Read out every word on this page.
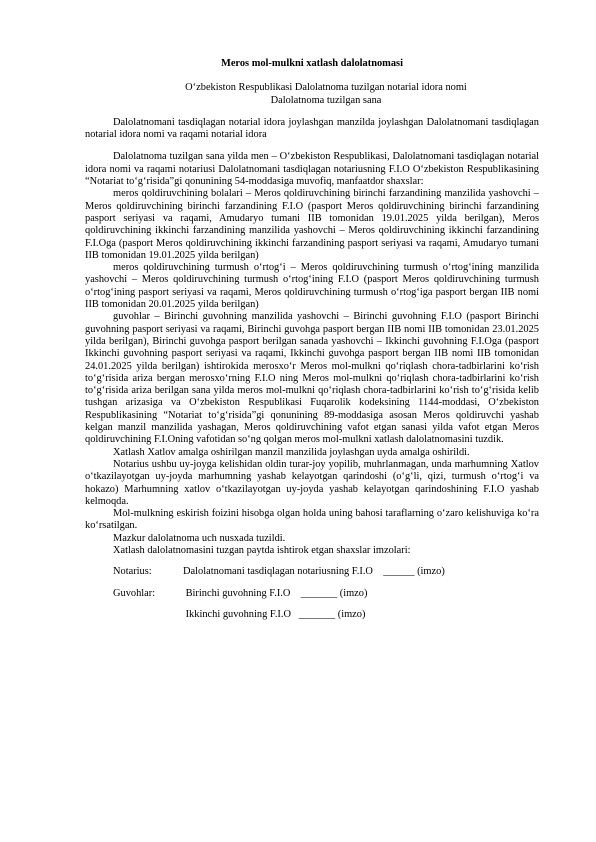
Meros mol-mulkni xatlash dalolatnomasi
O‘zbekiston Respublikasi Dalolatnoma tuzilgan notarial idora nomi
Dalolatnoma tuzilgan sana

Dalolatnomani tasdiqlagan notarial idora joylashgan manzilda joylashgan Dalolatnomani tasdiqlagan notarial idora nomi va raqami notarial idora

Dalolatnoma tuzilgan sana yilda men – O‘zbekiston Respublikasi, Dalolatnomani tasdiqlagan notarial idora nomi va raqami notariusi Dalolatnomani tasdiqlagan notariusning F.I.O O‘zbekiston Respublikasining “Notariat to‘g‘risida”gi qonunining 54-moddasiga muvofiq, manfaatdor shaxslar:

meros qoldiruvchining bolalari – Meros qoldiruvchining birinchi farzandining manzilida yashovchi – Meros qoldiruvchining birinchi farzandining F.I.O (pasport Meros qoldiruvchining birinchi farzandining pasport seriyasi va raqami, Amudaryo tumani IIB tomonidan 19.01.2025 yilda berilgan), Meros qoldiruvchining ikkinchi farzandining manzilida yashovchi – Meros qoldiruvchining ikkinchi farzandining F.I.Oga (pasport Meros qoldiruvchining ikkinchi farzandining pasport seriyasi va raqami, Amudaryo tumani IIB tomonidan 19.01.2025 yilda berilgan)

meros qoldiruvchining turmush o‘rtog‘i – Meros qoldiruvchining turmush o‘rtog‘ining manzilida yashovchi – Meros qoldiruvchining turmush o‘rtog‘ining F.I.O (pasport Meros qoldiruvchining turmush o‘rtog‘ining pasport seriyasi va raqami, Meros qoldiruvchining turmush o‘rtog‘iga pasport bergan IIB nomi IIB tomonidan 20.01.2025 yilda berilgan)

guvohlar – Birinchi guvohning manzilida yashovchi – Birinchi guvohning F.I.O (pasport Birinchi guvohning pasport seriyasi va raqami, Birinchi guvohga pasport bergan IIB nomi IIB tomonidan 23.01.2025 yilda berilgan), Birinchi guvohga pasport berilgan sanada yashovchi – Ikkinchi guvohning F.I.Oga (pasport Ikkinchi guvohning pasport seriyasi va raqami, Ikkinchi guvohga pasport bergan IIB nomi IIB tomonidan 24.01.2025 yilda berilgan) ishtirokida merosxo‘r Meros mol-mulkni qo‘riqlash chora-tadbirlarini ko‘rish to‘g‘risida ariza bergan merosxo‘rning F.I.O ning Meros mol-mulkni qo‘riqlash chora-tadbirlarini ko‘rish to‘g‘risida ariza berilgan sana yilda meros mol-mulkni qo‘riqlash chora-tadbirlarini ko‘rish to‘g‘risida kelib tushgan arizasiga va O‘zbekiston Respublikasi Fuqarolik kodeksining 1144-moddasi, O‘zbekiston Respublikasining “Notariat to‘g‘risida”gi qonunining 89-moddasiga asosan Meros qoldiruvchi yashab kelgan manzil manzilida yashagan, Meros qoldiruvchining vafot etgan sanasi yilda vafot etgan Meros qoldiruvchining F.I.Oning vafotidan so‘ng qolgan meros mol-mulkni xatlash dalolatnomasini tuzdik.

Xatlash Xatlov amalga oshirilgan manzil manzilida joylashgan uyda amalga oshirildi.

Notarius ushbu uy-joyga kelishidan oldin turar-joy yopilib, muhrlanmagan, unda marhumning Xatlov o‘tkazilayotgan uy-joyda marhumning yashab kelayotgan qarindoshi (o‘g‘li, qizi, turmush o‘rtog‘i va hokazo) Marhumning xatlov o‘tkazilayotgan uy-joyda yashab kelayotgan qarindoshining F.I.O yashab kelmoqda.

Mol-mulkning eskirish foizini hisobga olgan holda uning bahosi taraflarning o‘zaro kelishuviga ko‘ra ko‘rsatilgan.

Mazkur dalolatnoma uch nusxada tuzildi.

Xatlash dalolatnomasini tuzgan paytda ishtirok etgan shaxslar imzolari:

Notarius:	Dalolatnomani tasdiqlagan notariusning F.I.O    ______ (imzo)
Guvohlar:	Birinchi guvohning F.I.O    _______ (imzo)
Ikkinchi guvohning F.I.O   _______ (imzo)
